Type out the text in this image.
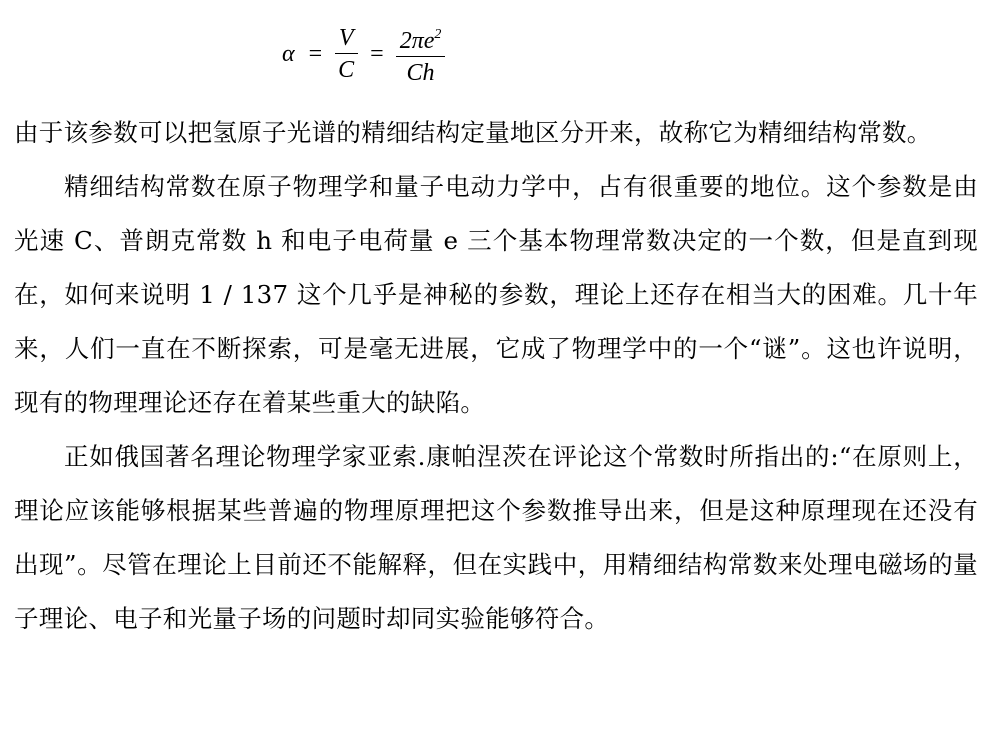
$\alpha = \frac{V}{C} = \frac{2\pi e^2}{Ch}$

由于该参数可以把氢原子光谱的精细结构定量地区分开来，故称它为精细结构常数。

精细结构常数在原子物理学和量子电动力学中，占有很重要的地位。这个参数是由光速 C、普朗克常数 h 和电子电荷量 e 三个基本物理常数决定的一个数，但是直到现在，如何来说明 1 / 137 这个几乎是神秘的参数，理论上还存在相当大的困难。几十年来，人们一直在不断探索，可是毫无进展，它成了物理学中的一个“谜”。这也许说明，现有的物理理论还存在着某些重大的缺陷。

正如俄国著名理论物理学家亚索.康帕涅茨在评论这个常数时所指出的:“在原则上，理论应该能够根据某些普遍的物理原理把这个参数推导出来，但是这种原理现在还没有出现”。尽管在理论上目前还不能解释，但在实践中，用精细结构常数来处理电磁场的量子理论、电子和光量子场的问题时却同实验能够符合。
